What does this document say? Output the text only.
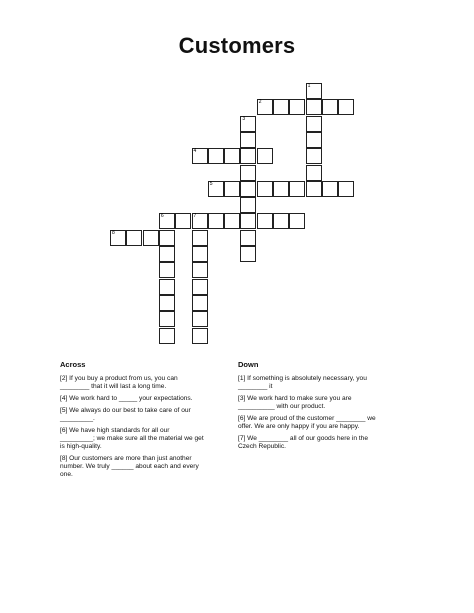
Customers
1
2
3
4
5
6	7
8
Across
[2] If you buy a product from us, you can
________ that it will last a long time.
[4] We work hard to _____ your expectations.
[5] We always do our best to take care of our
_________.
[6] We have high standards for all our
_________; we make sure all the material we get
is high-quality.
[8] Our customers are more than just another
number. We truly ______ about each and every
one.
Down
[1] If something is absolutely necessary, you
________ it
[3] We work hard to make sure you are
__________ with our product.
[6] We are proud of the customer ________ we
offer. We are only happy if you are happy.
[7] We ________ all of our goods here in the
Czech Republic.
